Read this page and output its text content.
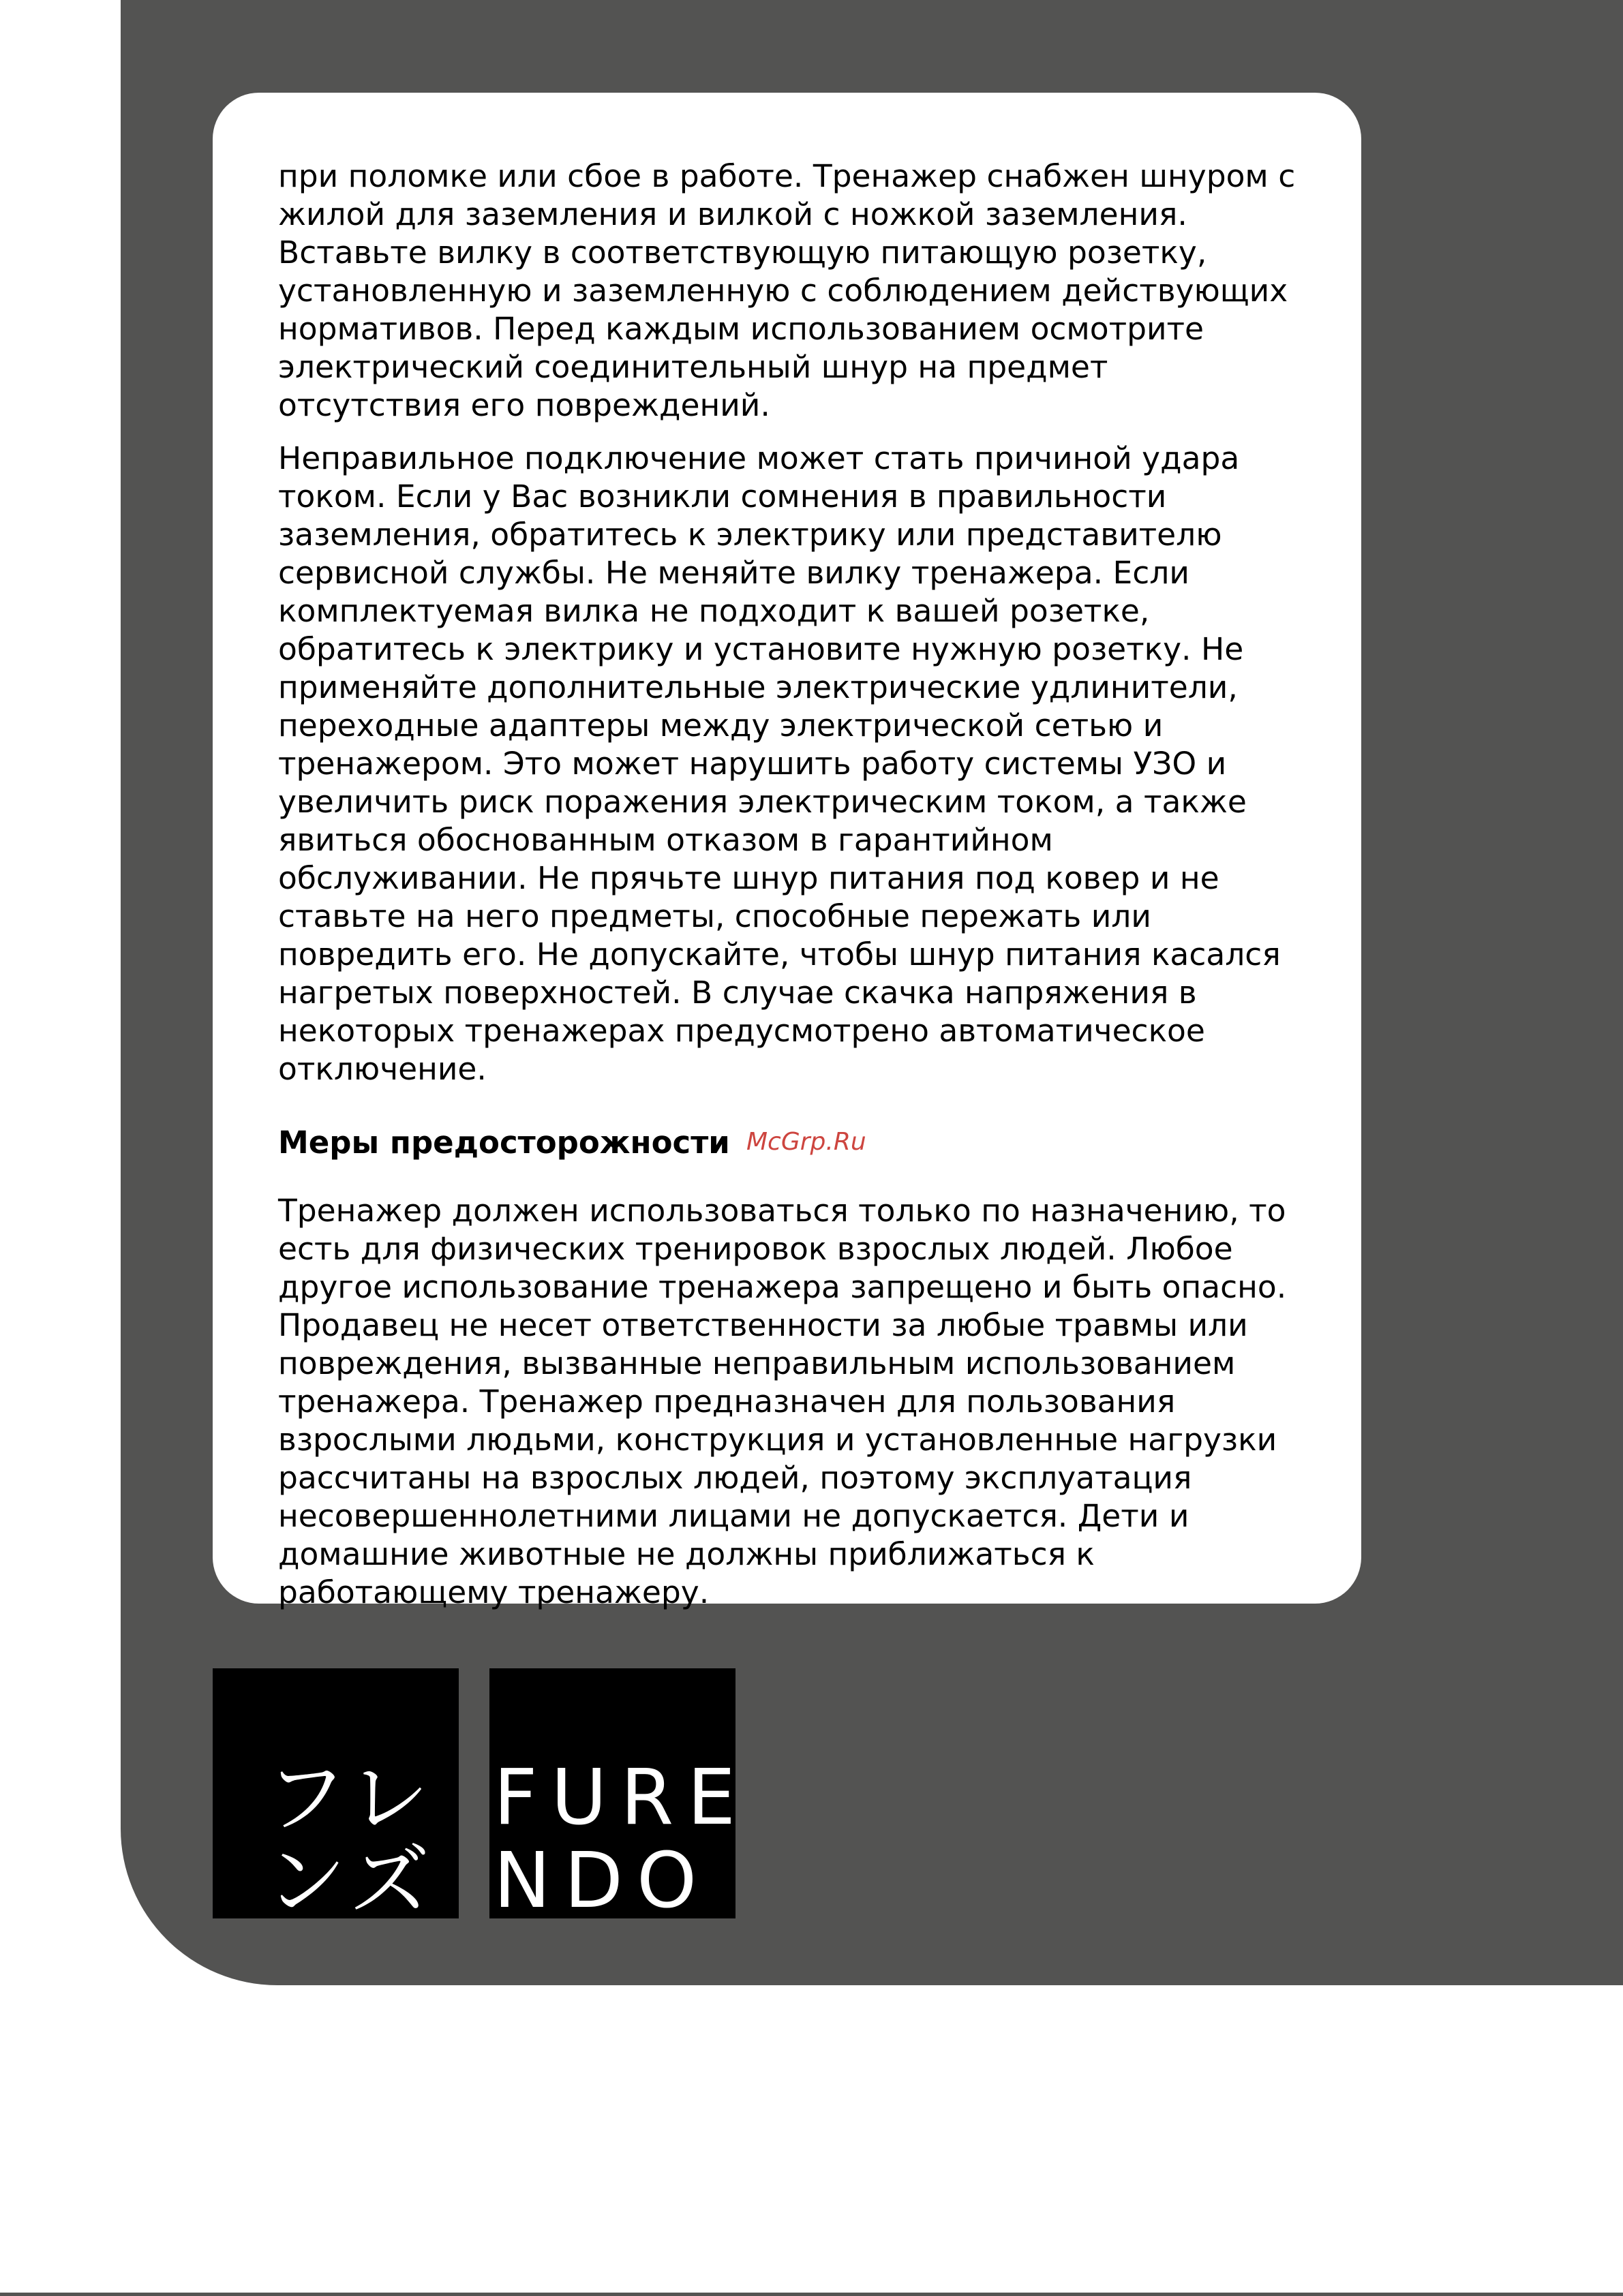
при поломке или сбое в работе. Тренажер снабжен шнуром с жилой для заземления и вилкой с ножкой заземления. Вставьте вилку в соответствующую питающую розетку, установленную и заземленную с соблюдением действующих нормативов. Перед каждым использованием осмотрите электрический соединительный шнур на предмет отсутствия его повреждений.

Неправильное подключение может стать причиной удара током. Если у Вас возникли сомнения в правильности заземления, обратитесь к электрику или представителю сервисной службы. Не меняйте вилку тренажера. Если комплектуемая вилка не подходит к вашей розетке, обратитесь к электрику и установите нужную розетку. Не применяйте дополнительные электрические удлинители, переходные адаптеры между электрической сетью и тренажером. Это может нарушить работу системы УЗО и увеличить риск поражения электрическим током, а также явиться обоснованным отказом в гарантийном обслуживании. Не прячьте шнур питания под ковер и не ставьте на него предметы, способные пережать или повредить его. Не допускайте, чтобы шнур питания касался нагретых поверхностей. В случае скачка напряжения в некоторых тренажерах предусмотрено автоматическое отключение.

Меры предосторожности

Тренажер должен использоваться только по назначению, то есть для физических тренировок взрослых людей. Любое другое использование тренажера запрещено и быть опасно. Продавец не несет ответственности за любые травмы или повреждения, вызванные неправильным использованием тренажера. Тренажер предназначен для пользования взрослыми людьми, конструкция и установленные нагрузки рассчитаны на взрослых людей, поэтому эксплуатация несовершеннолетними лицами не допускается. Дети и домашние животные не должны приближаться к работающему тренажеру.

McGrp.Ru
フレ
ンズ
FURE
NDO
